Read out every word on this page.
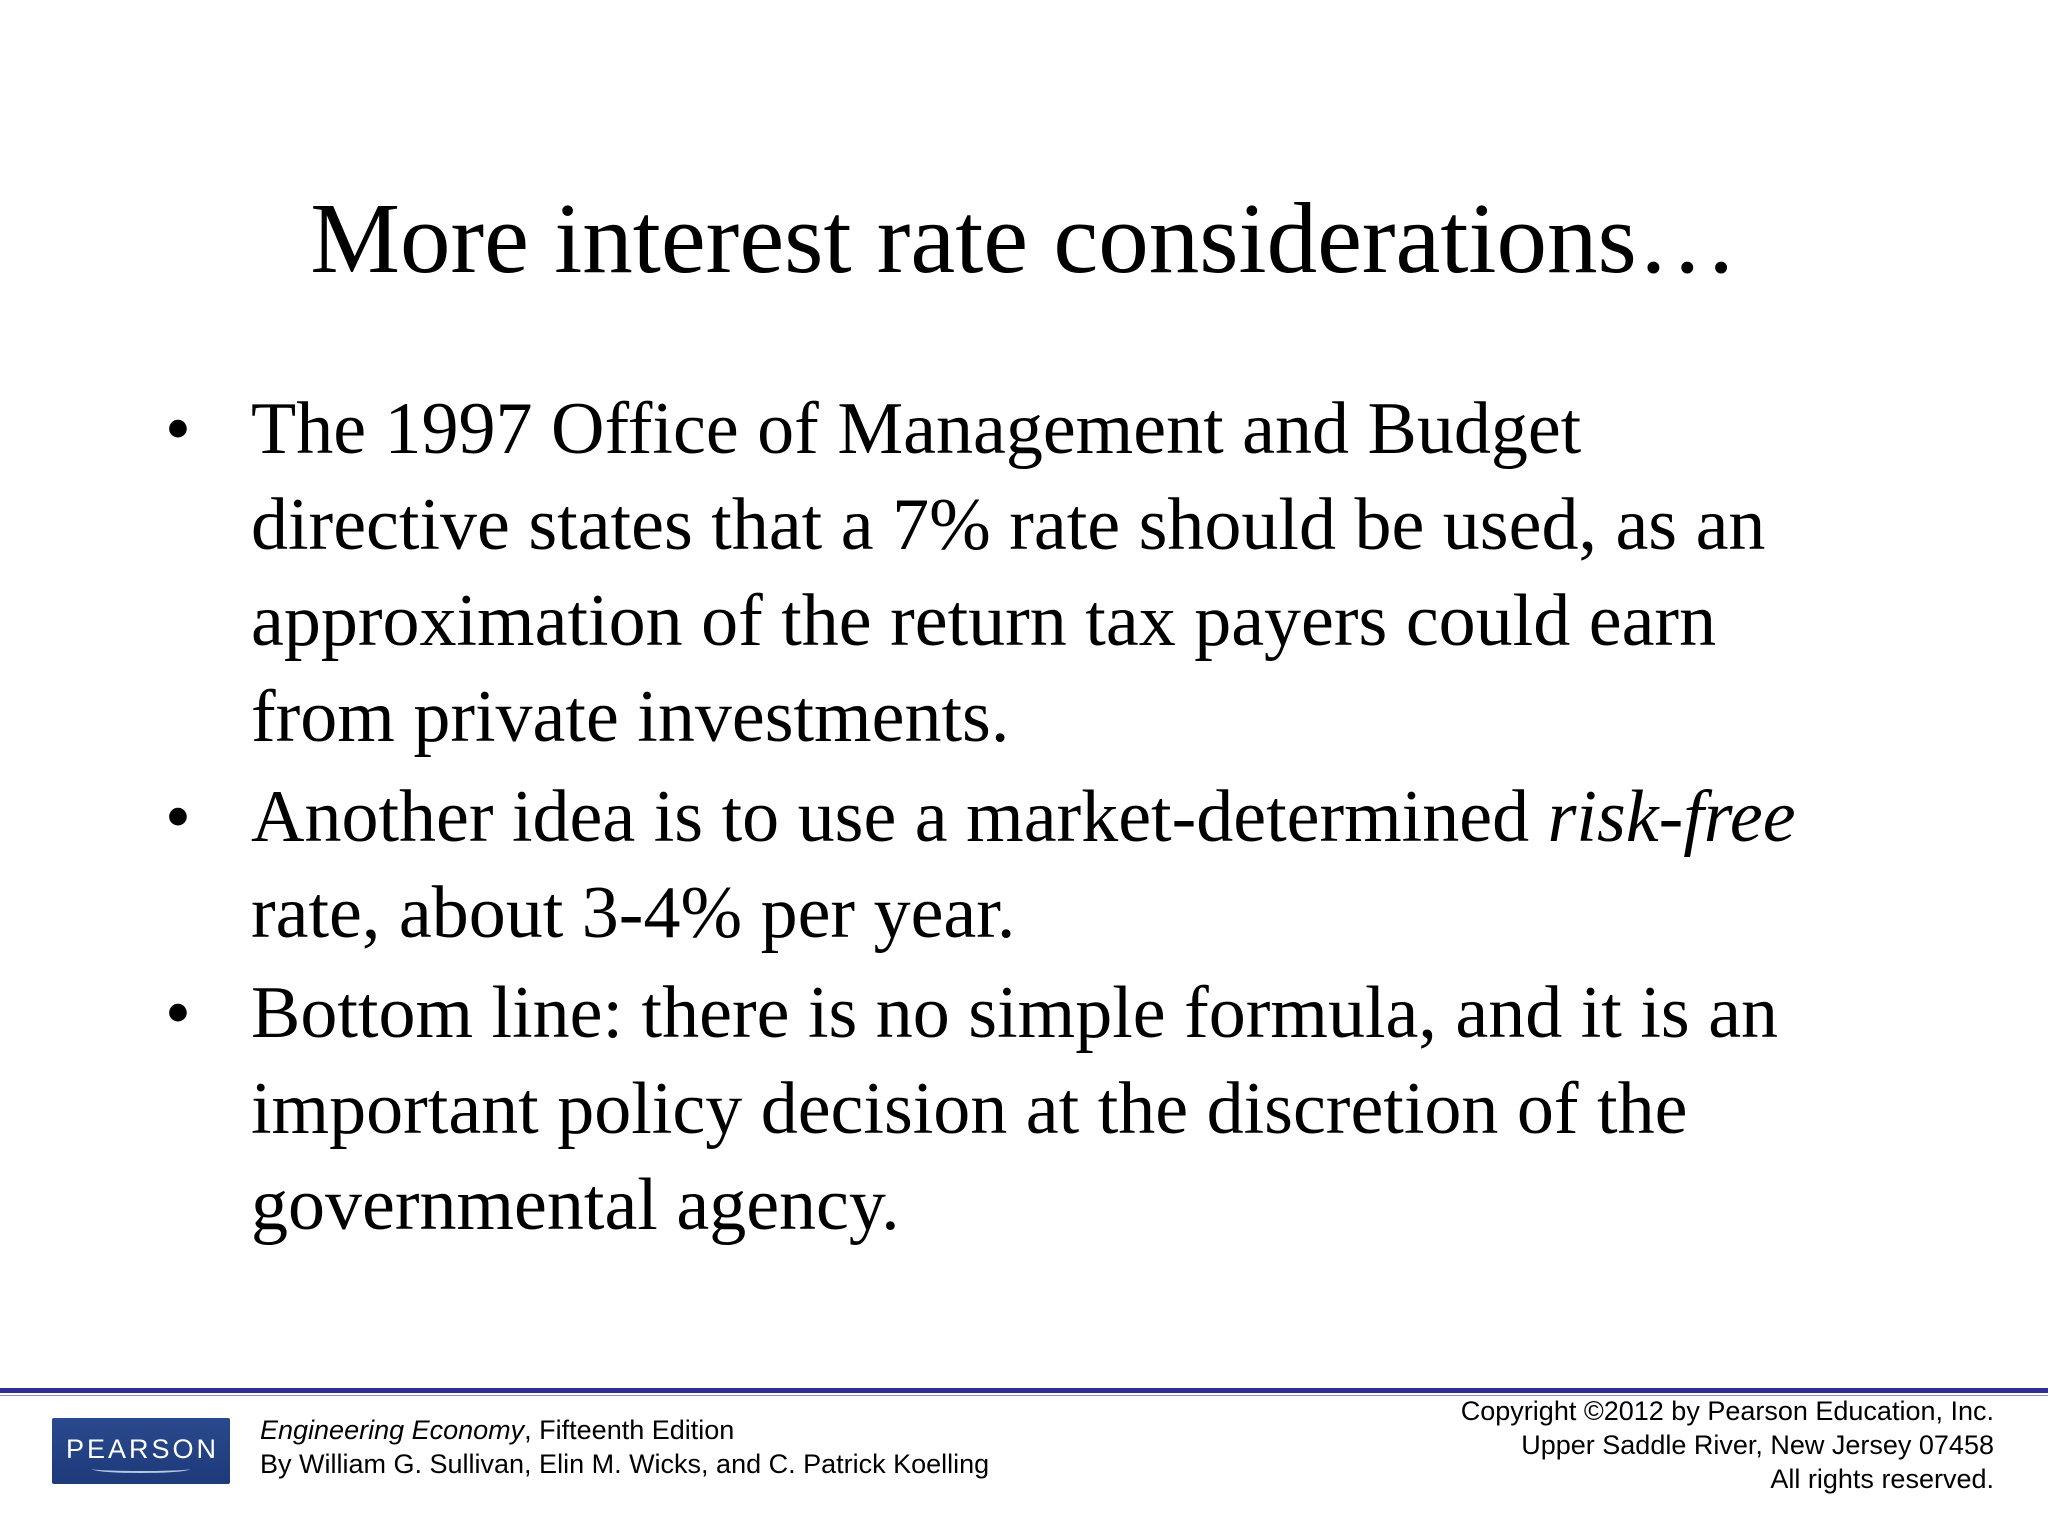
More interest rate considerations…
• The 1997 Office of Management and Budget directive states that a 7% rate should be used, as an approximation of the return tax payers could earn from private investments.
• Another idea is to use a market-determined risk-free rate, about 3-4% per year.
• Bottom line: there is no simple formula, and it is an important policy decision at the discretion of the governmental agency.
PEARSON
Engineering Economy, Fifteenth Edition
By William G. Sullivan, Elin M. Wicks, and C. Patrick Koelling
Copyright ©2012 by Pearson Education, Inc.
Upper Saddle River, New Jersey 07458
All rights reserved.
